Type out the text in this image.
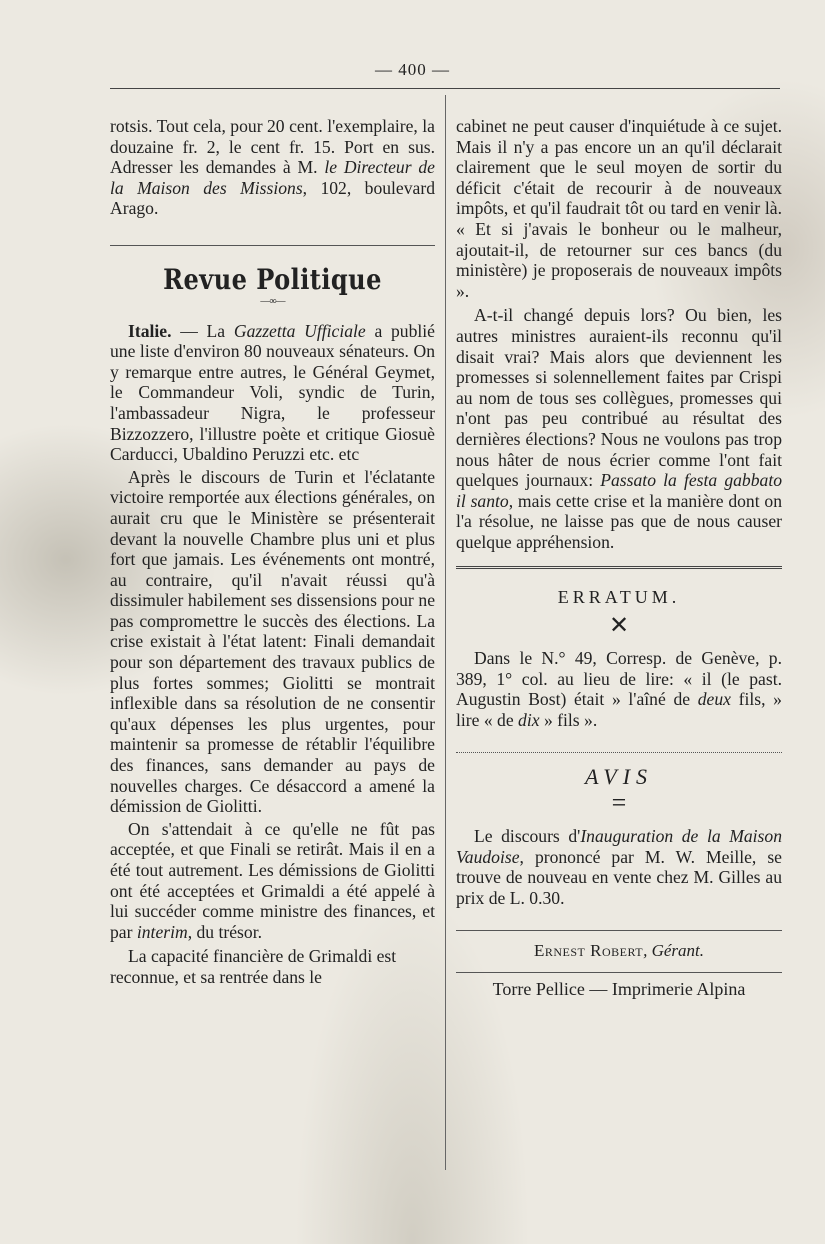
— 400 —

rotsis. Tout cela, pour 20 cent. l'exemplaire, la douzaine fr. 2, le cent fr. 15. Port en sus. Adresser les demandes à M. le Directeur de la Maison des Missions, 102, boulevard Arago.

Revue Politique
—∞—

Italie. — La Gazzetta Ufficiale a publié une liste d'environ 80 nouveaux sénateurs. On y remarque entre autres, le Général Geymet, le Commandeur Voli, syndic de Turin, l'ambassadeur Nigra, le professeur Bizzozzero, l'illustre poète et critique Giosuè Carducci, Ubaldino Peruzzi etc. etc

Après le discours de Turin et l'éclatante victoire remportée aux élections générales, on aurait cru que le Ministère se présenterait devant la nouvelle Chambre plus uni et plus fort que jamais. Les événements ont montré, au contraire, qu'il n'avait réussi qu'à dissimuler habilement ses dissensions pour ne pas compromettre le succès des élections. La crise existait à l'état latent: Finali demandait pour son département des travaux publics de plus fortes sommes; Giolitti se montrait inflexible dans sa résolution de ne consentir qu'aux dépenses les plus urgentes, pour maintenir sa promesse de rétablir l'équilibre des finances, sans demander au pays de nouvelles charges. Ce désaccord a amené la démission de Giolitti.

On s'attendait à ce qu'elle ne fût pas acceptée, et que Finali se retirât. Mais il en a été tout autrement. Les démissions de Giolitti ont été acceptées et Grimaldi a été appelé à lui succéder comme ministre des finances, et par interim, du trésor.

La capacité financière de Grimaldi est reconnue, et sa rentrée dans le

cabinet ne peut causer d'inquiétude à ce sujet. Mais il n'y a pas encore un an qu'il déclarait clairement que le seul moyen de sortir du déficit c'était de recourir à de nouveaux impôts, et qu'il faudrait tôt ou tard en venir là. « Et si j'avais le bonheur ou le malheur, ajoutait-il, de retourner sur ces bancs (du ministère) je proposerais de nouveaux impôts ».

A-t-il changé depuis lors? Ou bien, les autres ministres auraient-ils reconnu qu'il disait vrai? Mais alors que deviennent les promesses si solennellement faites par Crispi au nom de tous ses collègues, promesses qui n'ont pas peu contribué au résultat des dernières élections? Nous ne voulons pas trop nous hâter de nous écrier comme l'ont fait quelques journaux: Passato la festa gabbato il santo, mais cette crise et la manière dont on l'a résolue, ne laisse pas que de nous causer quelque appréhension.

ERRATUM.
✕

Dans le N.° 49, Corresp. de Genève, p. 389, 1° col. au lieu de lire: « il (le past. Augustin Bost) était » l'aîné de deux fils, » lire « de dix » fils ».

AVIS
=

Le discours d'Inauguration de la Maison Vaudoise, prononcé par M. W. Meille, se trouve de nouveau en vente chez M. Gilles au prix de L. 0.30.

Ernest Robert, Gérant.
Torre Pellice — Imprimerie Alpina
